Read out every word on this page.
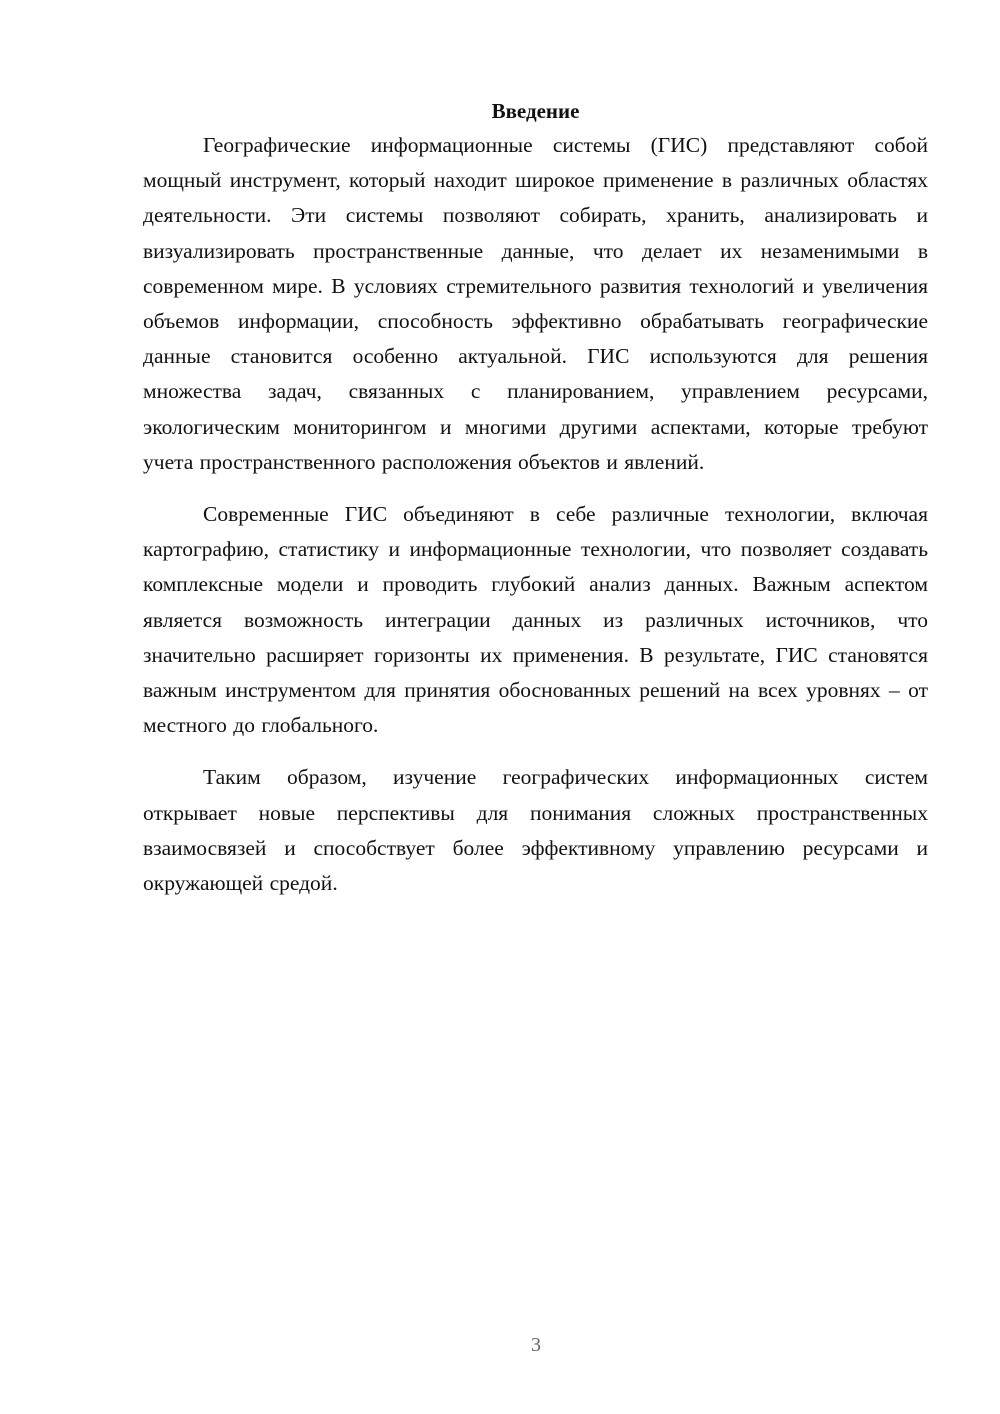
Введение

Географические информационные системы (ГИС) представляют собой мощный инструмент, который находит широкое применение в различных областях деятельности. Эти системы позволяют собирать, хранить, анализировать и визуализировать пространственные данные, что делает их незаменимыми в современном мире. В условиях стремительного развития технологий и увеличения объемов информации, способность эффективно обрабатывать географические данные становится особенно актуальной. ГИС используются для решения множества задач, связанных с планированием, управлением ресурсами, экологическим мониторингом и многими другими аспектами, которые требуют учета пространственного расположения объектов и явлений.

Современные ГИС объединяют в себе различные технологии, включая картографию, статистику и информационные технологии, что позволяет создавать комплексные модели и проводить глубокий анализ данных. Важным аспектом является возможность интеграции данных из различных источников, что значительно расширяет горизонты их применения. В результате, ГИС становятся важным инструментом для принятия обоснованных решений на всех уровнях – от местного до глобального.

Таким образом, изучение географических информационных систем открывает новые перспективы для понимания сложных пространственных взаимосвязей и способствует более эффективному управлению ресурсами и окружающей средой.

3
